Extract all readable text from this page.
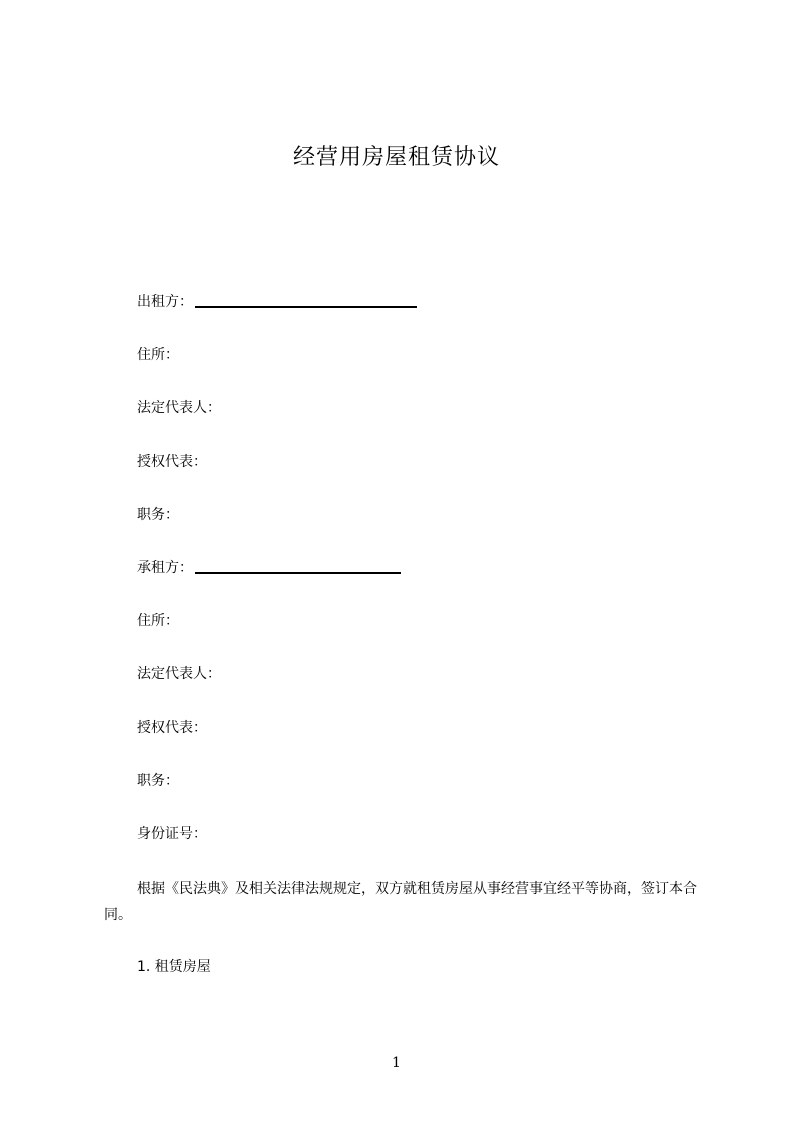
经营用房屋租赁协议
出租方：
住所：
法定代表人：
授权代表：
职务：
承租方：
住所：
法定代表人：
授权代表：
职务：
身份证号：
根据《民法典》及相关法律法规规定，双方就租赁房屋从事经营事宜经平等协商，签订本合同。
1. 租赁房屋
1
